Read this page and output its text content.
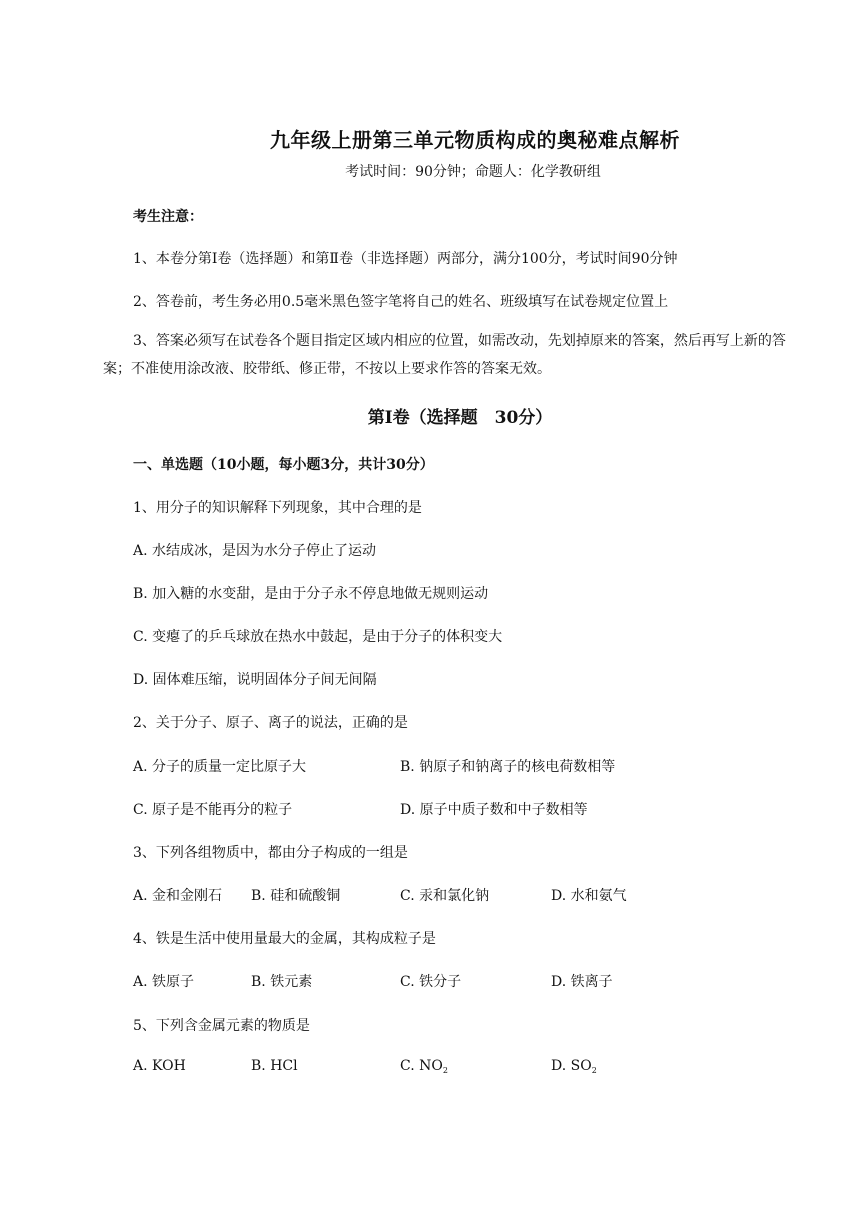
九年级上册第三单元物质构成的奥秘难点解析
考试时间：90分钟；命题人：化学教研组
考生注意：
1、本卷分第Ⅰ卷（选择题）和第Ⅱ卷（非选择题）两部分，满分100分，考试时间90分钟
2、答卷前，考生务必用0.5毫米黑色签字笔将自己的姓名、班级填写在试卷规定位置上
3、答案必须写在试卷各个题目指定区域内相应的位置，如需改动，先划掉原来的答案，然后再写上新的答案；不准使用涂改液、胶带纸、修正带，不按以上要求作答的答案无效。
第Ⅰ卷（选择题　30分）
一、单选题（10小题，每小题3分，共计30分）
1、用分子的知识解释下列现象，其中合理的是
A. 水结成冰，是因为水分子停止了运动
B. 加入糖的水变甜，是由于分子永不停息地做无规则运动
C. 变瘪了的乒乓球放在热水中鼓起，是由于分子的体积变大
D. 固体难压缩，说明固体分子间无间隔
2、关于分子、原子、离子的说法，正确的是
A. 分子的质量一定比原子大	B. 钠原子和钠离子的核电荷数相等
C. 原子是不能再分的粒子	D. 原子中质子数和中子数相等
3、下列各组物质中，都由分子构成的一组是
A. 金和金刚石 B. 硅和硫酸铜	C. 汞和氯化钠	D. 水和氨气
4、铁是生活中使用量最大的金属，其构成粒子是
A. 铁原子	B. 铁元素	C. 铁分子	D. 铁离子
5、下列含金属元素的物质是
A. KOH	B. HCl	C. $NO_2$	D. $SO_2$
